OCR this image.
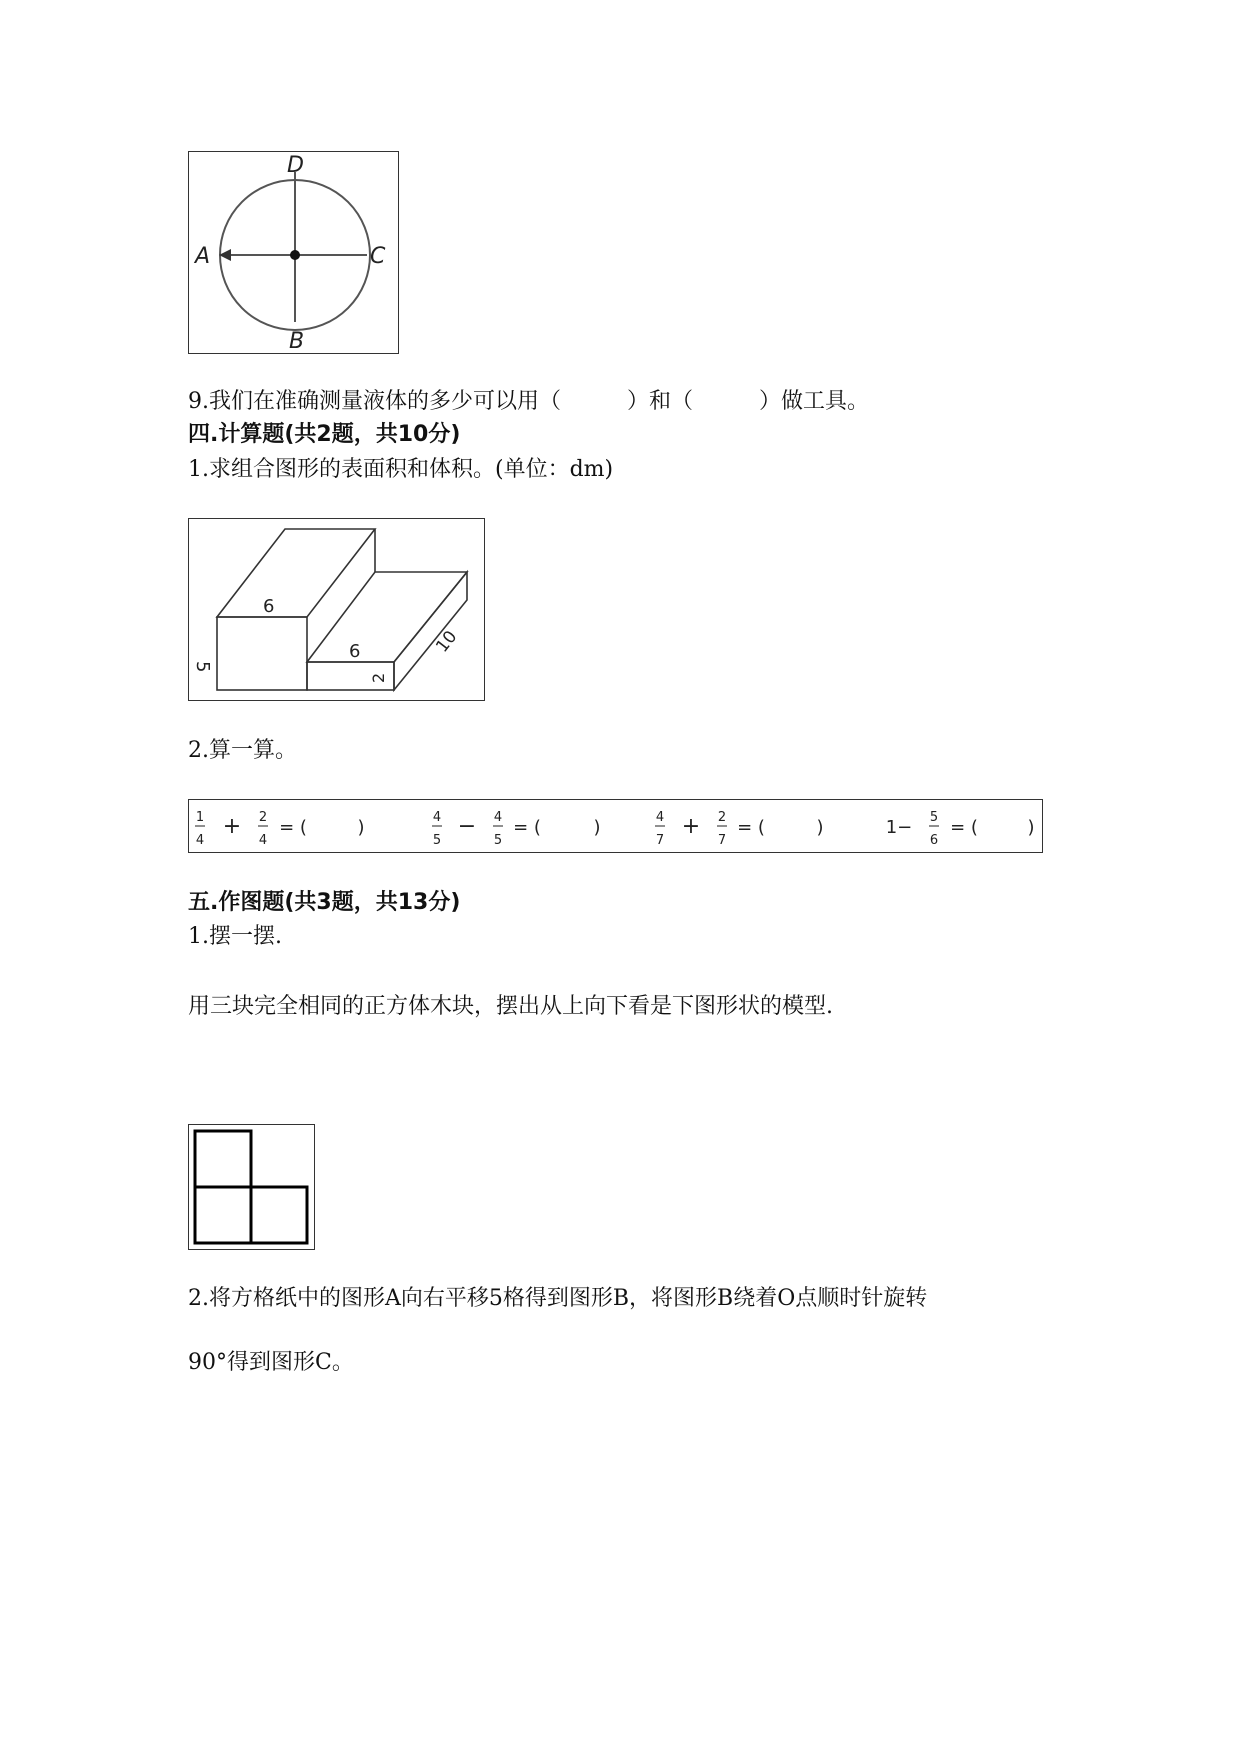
D
A	C
B
9.我们在准确测量液体的多少可以用（　　　）和（　　　）做工具。
四.计算题(共2题，共10分)
1.求组合图形的表面积和体积。(单位：dm)
6
5
6
2
10
2.算一算。
1
4
+ 2
4
= (	)	4
5
− 4
5
= (	)	4
7
+ 2
7
= (	)	1− 5
6
= (	)
五.作图题(共3题，共13分)
1.摆一摆.
用三块完全相同的正方体木块，摆出从上向下看是下图形状的模型.
2.将方格纸中的图形A向右平移5格得到图形B，将图形B绕着O点顺时针旋转
90°得到图形C。
